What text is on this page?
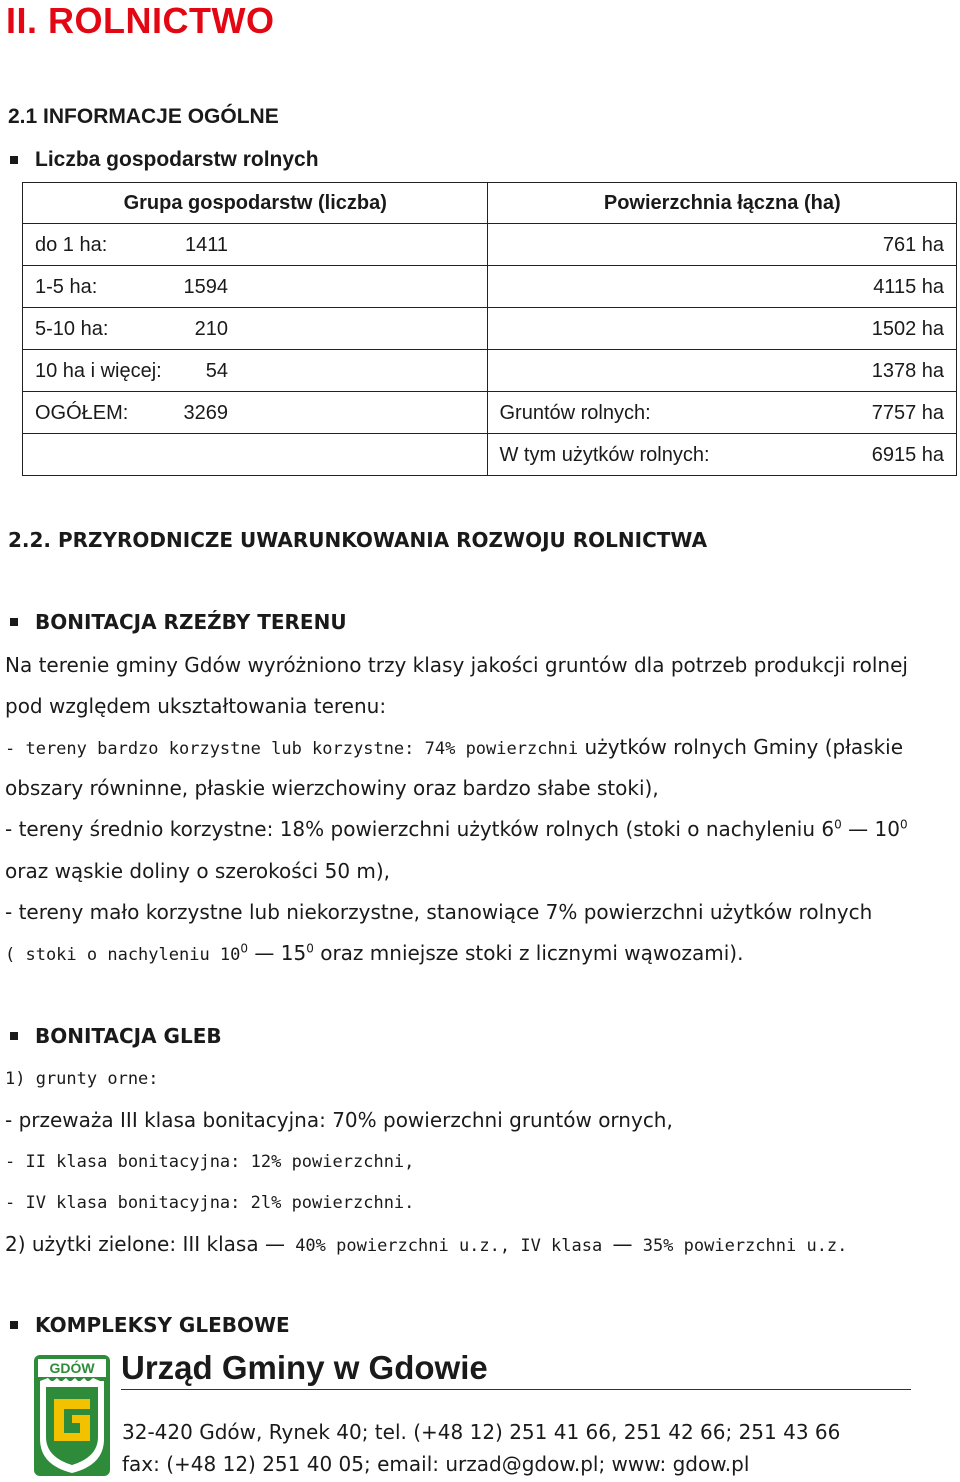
II. ROLNICTWO
2.1 INFORMACJE OGÓLNE
Liczba gospodarstw rolnych
Grupa gospodarstw (liczba)	Powierzchnia łączna (ha)

do 1 ha: 1411	761 ha

1-5 ha: 1594	4115 ha

5-10 ha: 210	1502 ha

10 ha i więcej: 54	1378 ha

OGÓŁEM: 3269	Gruntów rolnych: 7757 ha

	W tym użytków rolnych: 6915 ha
2.2. PRZYRODNICZE UWARUNKOWANIA ROZWOJU ROLNICTWA
BONITACJA RZEŹBY TERENU
Na terenie gminy Gdów wyróżniono trzy klasy jakości gruntów dla potrzeb produkcji rolnej
pod względem ukształtowania terenu:
- tereny bardzo korzystne lub korzystne: 74% powierzchni użytków rolnych Gminy (płaskie
obszary równinne, płaskie wierzchowiny oraz bardzo słabe stoki),
- tereny średnio korzystne: 18% powierzchni użytków rolnych (stoki o nachyleniu $6^0$ — $10^0$
oraz wąskie doliny o szerokości 50 m),
- tereny mało korzystne lub niekorzystne, stanowiące 7% powierzchni użytków rolnych
( stoki o nachyleniu $10^0$ — $15^0$ oraz mniejsze stoki z licznymi wąwozami).
BONITACJA GLEB
1) grunty orne:
- przeważa III klasa bonitacyjna: 70% powierzchni gruntów ornych,
- II klasa bonitacyjna: 12% powierzchni,
- IV klasa bonitacyjna: 2l% powierzchni.
2) użytki zielone: III klasa — 40% powierzchni u.z., IV klasa — 35% powierzchni u.z.
KOMPLEKSY GLEBOWE
GDÓW Urząd Gminy w Gdowie
32-420 Gdów, Rynek 40; tel. (+48 12) 251 41 66, 251 42 66; 251 43 66
fax: (+48 12) 251 40 05; email: urzad@gdow.pl; www: gdow.pl
